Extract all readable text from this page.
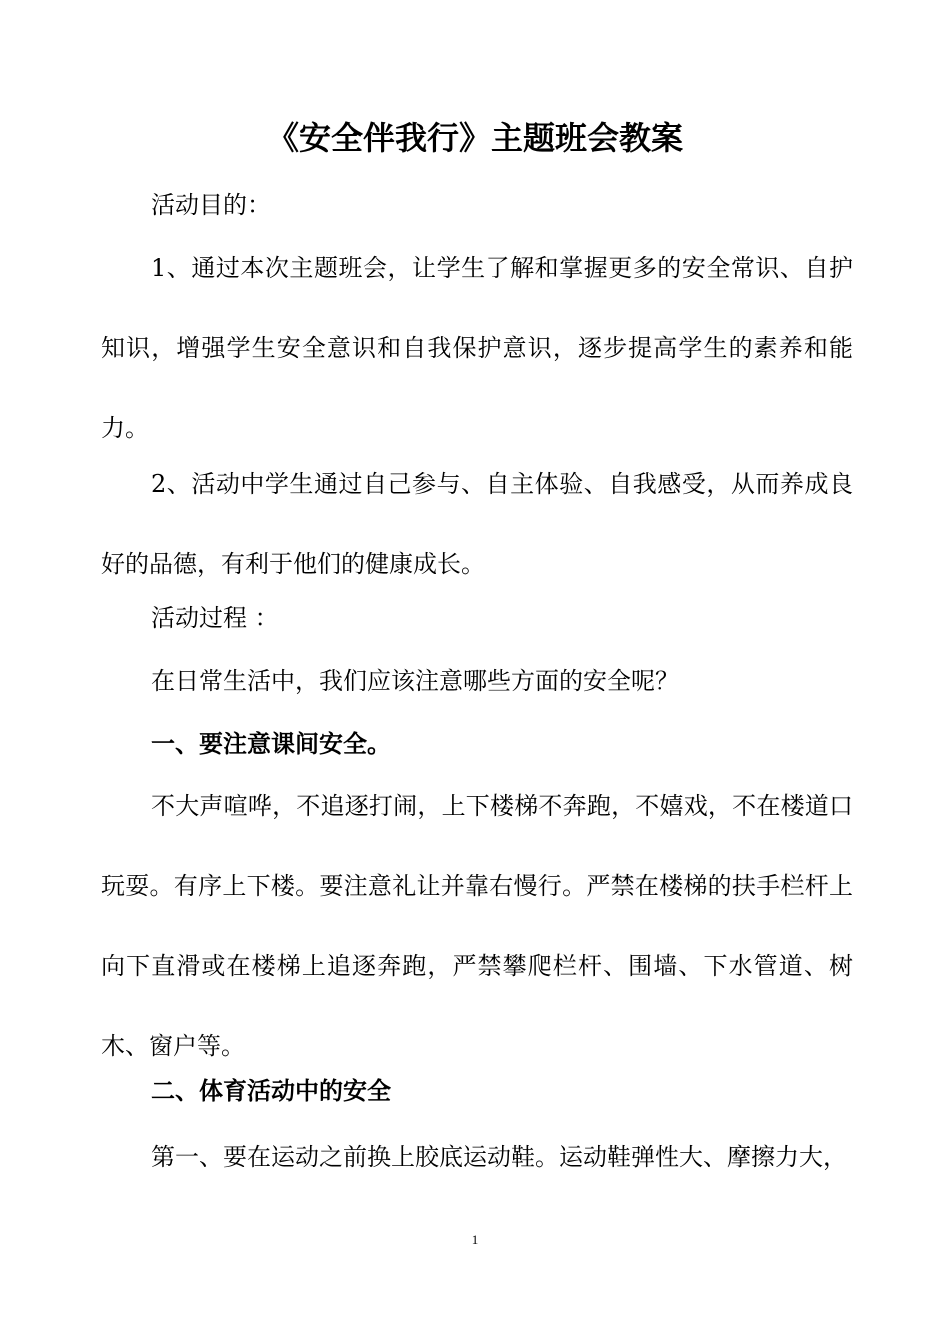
《安全伴我行》主题班会教案

活动目的：

1、通过本次主题班会，让学生了解和掌握更多的安全常识、自护知识，增强学生安全意识和自我保护意识，逐步提高学生的素养和能力。

2、活动中学生通过自己参与、自主体验、自我感受，从而养成良好的品德，有利于他们的健康成长。

活动过程 ：

在日常生活中，我们应该注意哪些方面的安全呢？

一、要注意课间安全。

不大声喧哗，不追逐打闹，上下楼梯不奔跑，不嬉戏，不在楼道口玩耍。有序上下楼。要注意礼让并靠右慢行。严禁在楼梯的扶手栏杆上向下直滑或在楼梯上追逐奔跑，严禁攀爬栏杆、围墙、下水管道、树木、窗户等。

二、体育活动中的安全

第一、要在运动之前换上胶底运动鞋。运动鞋弹性大、摩擦力大，

1
